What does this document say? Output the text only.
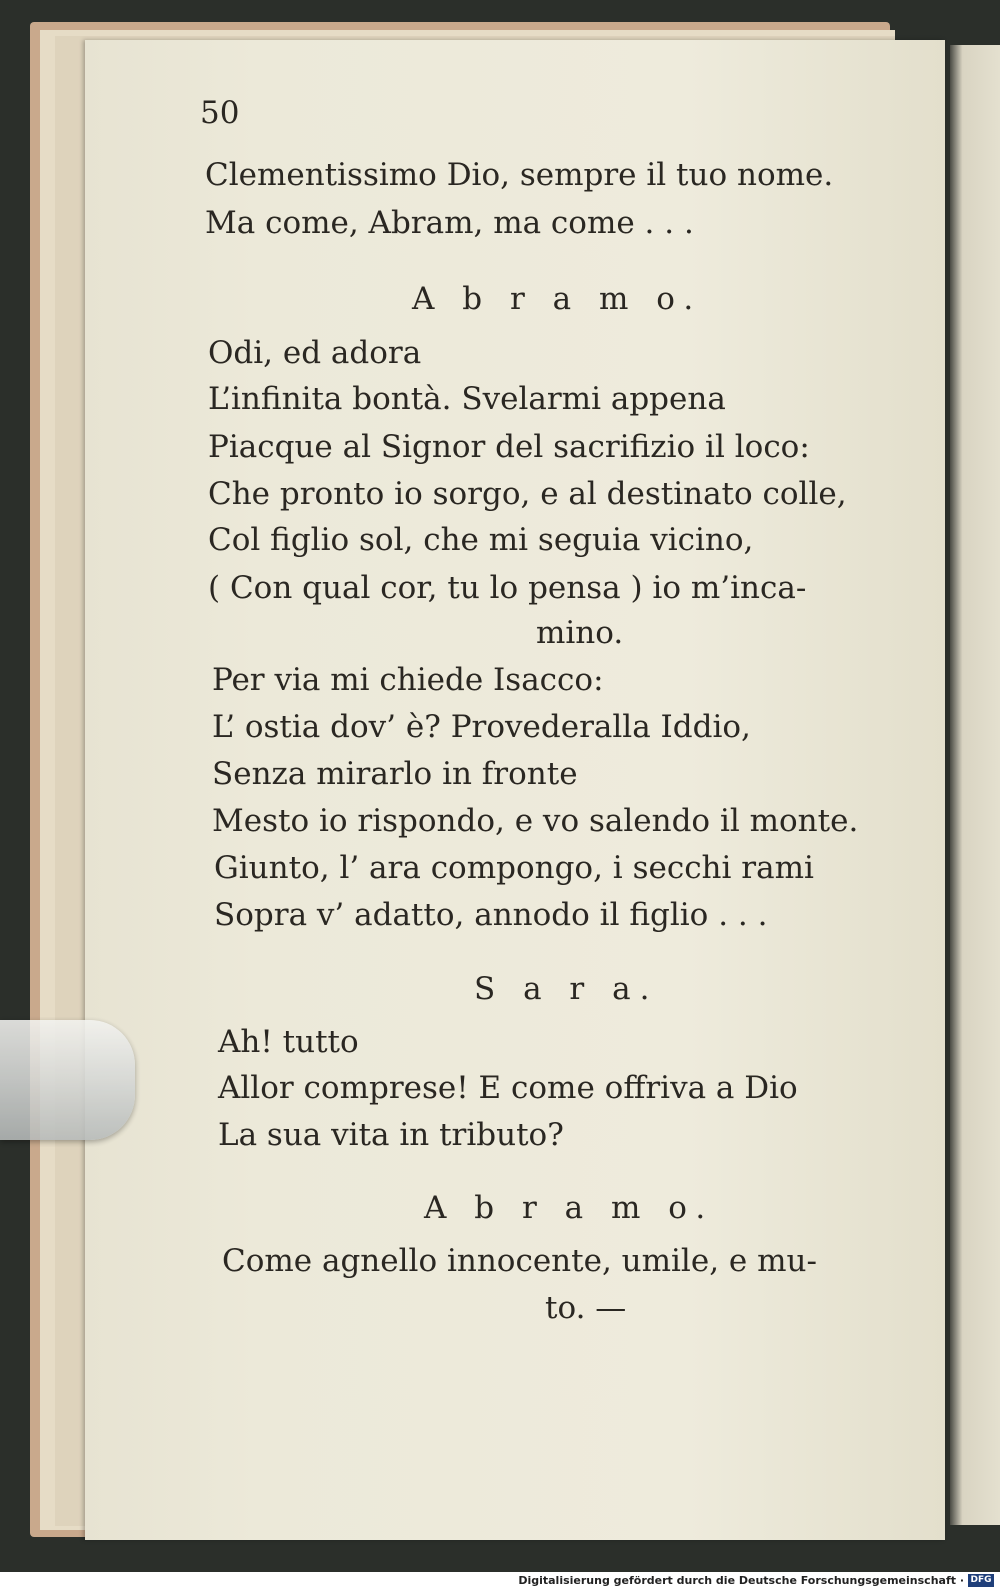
50
Clementissimo Dio, sempre il tuo nome.
Ma come, Abram, ma come . . .
A b r a m o.
Odi, ed adora
L’infinita bontà. Svelarmi appena
Piacque al Signor del sacrifizio il loco:
Che pronto io sorgo, e al destinato colle,
Col figlio sol, che mi seguia vicino,
( Con qual cor, tu lo pensa ) io m’inca-
mino.
Per via mi chiede Isacco:
L’ ostia dov’ è? Provederalla Iddio,
Senza mirarlo in fronte
Mesto io rispondo, e vo salendo il monte.
Giunto, l’ ara compongo, i secchi rami
Sopra v’ adatto, annodo il figlio . . .
S a r a.
Ah! tutto
Allor comprese! E come offriva a Dio
La sua vita in tributo?
A b r a m o.
Come agnello innocente, umile, e mu-
to. —
Digitalisierung gefördert durch die Deutsche Forschungsgemeinschaft · DFG
